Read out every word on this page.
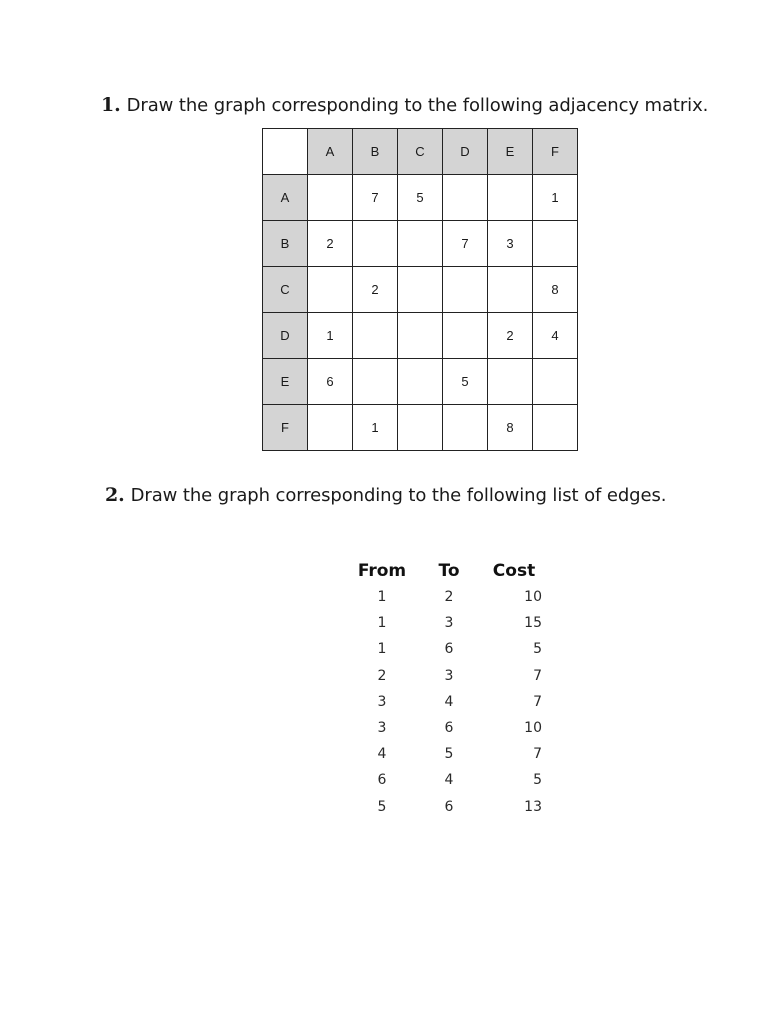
1. Draw the graph corresponding to the following adjacency matrix.
	A	B	C	D	E	F
A		7	5			1
B	2			7	3	
C		2				8
D	1				2	4
E	6			5		
F		1			8	
2. Draw the graph corresponding to the following list of edges.
From	To	Cost
1	2	10
1	3	15
1	6	5
2	3	7
3	4	7
3	6	10
4	5	7
6	4	5
5	6	13
